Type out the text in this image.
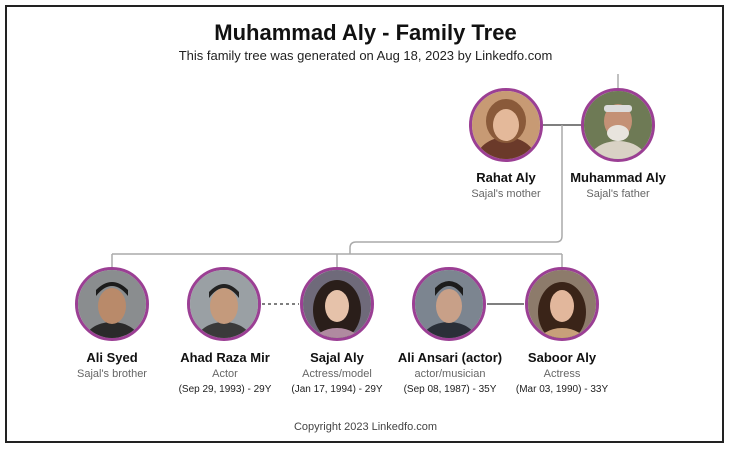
Muhammad Aly - Family Tree
This family tree was generated on Aug 18, 2023 by Linkedfo.com
Rahat Aly
Sajal's mother
Muhammad Aly
Sajal's father
Ali Syed
Sajal's brother
Ahad Raza Mir
Actor
(Sep 29, 1993) - 29Y
Sajal Aly
Actress/model
(Jan 17, 1994) - 29Y
Ali Ansari (actor)
actor/musician
(Sep 08, 1987) - 35Y
Saboor Aly
Actress
(Mar 03, 1990) - 33Y
Copyright 2023 Linkedfo.com
